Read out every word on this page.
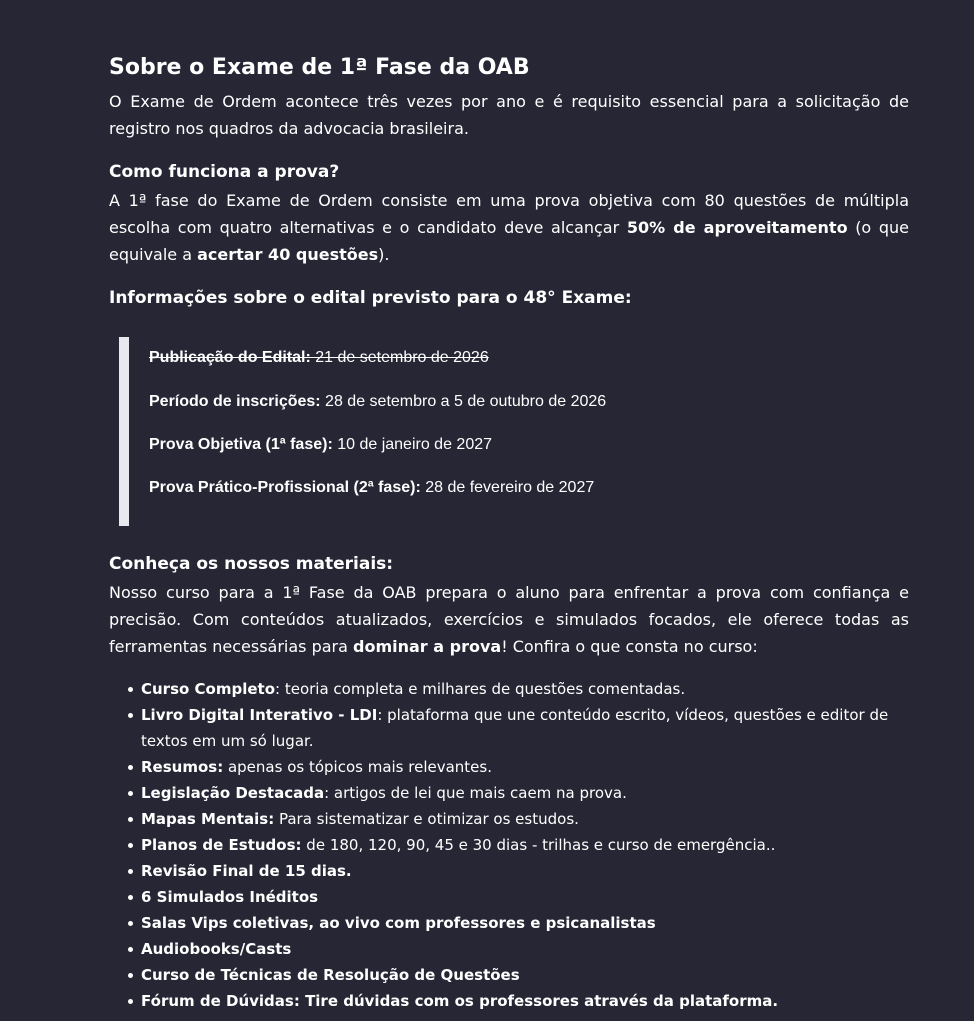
Sobre o Exame de 1ª Fase da OAB

O Exame de Ordem acontece três vezes por ano e é requisito essencial para a solicitação de registro nos quadros da advocacia brasileira.

Como funciona a prova?

A 1ª fase do Exame de Ordem consiste em uma prova objetiva com 80 questões de múltipla escolha com quatro alternativas e o candidato deve alcançar 50% de aproveitamento (o que equivale a acertar 40 questões).

Informações sobre o edital previsto para o 48° Exame:
Publicação do Edital: 21 de setembro de 2026
Período de inscrições: 28 de setembro a 5 de outubro de 2026
Prova Objetiva (1ª fase): 10 de janeiro de 2027
Prova Prático-Profissional (2ª fase): 28 de fevereiro de 2027
Conheça os nossos materiais:

Nosso curso para a 1ª Fase da OAB prepara o aluno para enfrentar a prova com confiança e precisão. Com conteúdos atualizados, exercícios e simulados focados, ele oferece todas as ferramentas necessárias para dominar a prova! Confira o que consta no curso:

Curso Completo: teoria completa e milhares de questões comentadas.
Livro Digital Interativo - LDI: plataforma que une conteúdo escrito, vídeos, questões e editor de textos em um só lugar.
Resumos: apenas os tópicos mais relevantes.
Legislação Destacada: artigos de lei que mais caem na prova.
Mapas Mentais: Para sistematizar e otimizar os estudos.
Planos de Estudos: de 180, 120, 90, 45 e 30 dias - trilhas e curso de emergência..
Revisão Final de 15 dias.
6 Simulados Inéditos
Salas Vips coletivas, ao vivo com professores e psicanalistas
Audiobooks/Casts
Curso de Técnicas de Resolução de Questões
Fórum de Dúvidas: Tire dúvidas com os professores através da plataforma.
